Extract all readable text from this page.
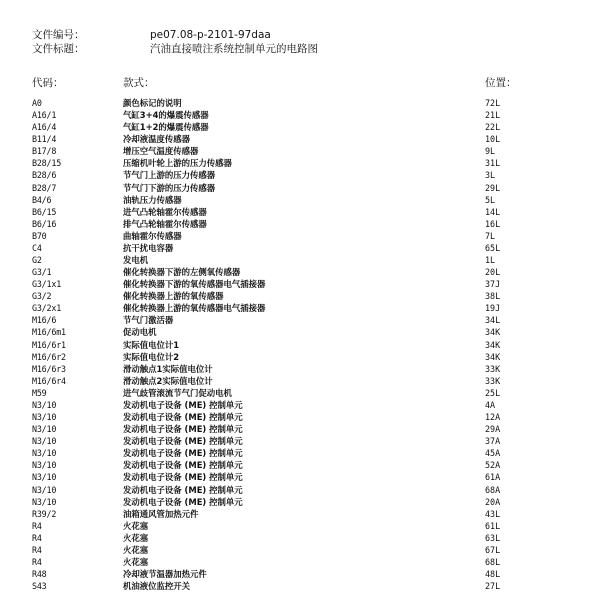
文件编号：	pe07.08-p-2101-97daa
文件标题：	汽油直接喷注系统控制单元的电路图
代码：	款式：	位置：
A0	颜色标记的说明	72L
A16/1	气缸3+4的爆震传感器	21L
A16/4	气缸1+2的爆震传感器	22L
B11/4	冷却液温度传感器	10L
B17/8	增压空气温度传感器	9L
B28/15	压缩机叶轮上游的压力传感器	31L
B28/6	节气门上游的压力传感器	3L
B28/7	节气门下游的压力传感器	29L
B4/6	油轨压力传感器	5L
B6/15	进气凸轮轴霍尔传感器	14L
B6/16	排气凸轮轴霍尔传感器	16L
B70	曲轴霍尔传感器	7L
C4	抗干扰电容器	65L
G2	发电机	1L
G3/1	催化转换器下游的左侧氧传感器	20L
G3/1x1	催化转换器下游的氧传感器电气插接器	37J
G3/2	催化转换器上游的氧传感器	38L
G3/2x1	催化转换器上游的氧传感器电气插接器	19J
M16/6	节气门激活器	34L
M16/6m1	促动电机	34K
M16/6r1	实际值电位计1	34K
M16/6r2	实际值电位计2	34K
M16/6r3	滑动触点1实际值电位计	33K
M16/6r4	滑动触点2实际值电位计	33K
M59	进气歧管滚流节气门促动电机	25L
N3/10	发动机电子设备 (ME) 控制单元	4A
N3/10	发动机电子设备 (ME) 控制单元	12A
N3/10	发动机电子设备 (ME) 控制单元	29A
N3/10	发动机电子设备 (ME) 控制单元	37A
N3/10	发动机电子设备 (ME) 控制单元	45A
N3/10	发动机电子设备 (ME) 控制单元	52A
N3/10	发动机电子设备 (ME) 控制单元	61A
N3/10	发动机电子设备 (ME) 控制单元	68A
N3/10	发动机电子设备 (ME) 控制单元	20A
R39/2	油箱通风管加热元件	43L
R4	火花塞	61L
R4	火花塞	63L
R4	火花塞	67L
R4	火花塞	68L
R48	冷却液节温器加热元件	48L
S43	机油液位监控开关	27L
